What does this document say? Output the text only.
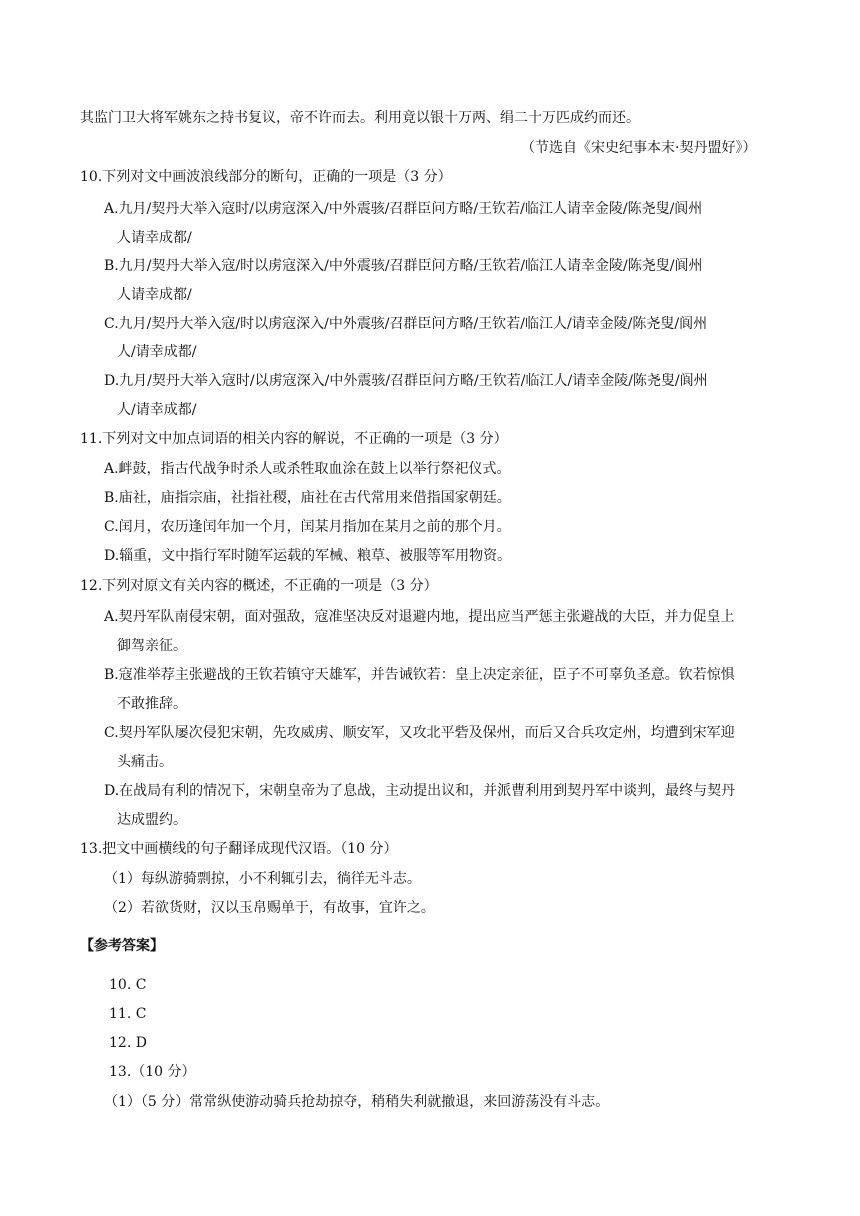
其监门卫大将军姚东之持书复议，帝不许而去。利用竟以银十万两、绢二十万匹成约而还。
（节选自《宋史纪事本末·契丹盟好》）
10.下列对文中画波浪线部分的断句，正确的一项是（3 分）
A.九月/契丹大举入寇时/以虏寇深入/中外震骇/召群臣问方略/王钦若/临江人请幸金陵/陈尧叟/阆州
人请幸成都/
B.九月/契丹大举入寇/时以虏寇深入/中外震骇/召群臣问方略/王钦若/临江人请幸金陵/陈尧叟/阆州
人请幸成都/
C.九月/契丹大举入寇/时以虏寇深入/中外震骇/召群臣问方略/王钦若/临江人/请幸金陵/陈尧叟/阆州
人/请幸成都/
D.九月/契丹大举入寇时/以虏寇深入/中外震骇/召群臣问方略/王钦若/临江人/请幸金陵/陈尧叟/阆州
人/请幸成都/
11.下列对文中加点词语的相关内容的解说，不正确的一项是（3 分）
A.衅鼓，指古代战争时杀人或杀牲取血涂在鼓上以举行祭祀仪式。
B.庙社，庙指宗庙，社指社稷，庙社在古代常用来借指国家朝廷。
C.闰月，农历逢闰年加一个月，闰某月指加在某月之前的那个月。
D.辎重，文中指行军时随军运载的军械、粮草、被服等军用物资。
12.下列对原文有关内容的概述，不正确的一项是（3 分）
A.契丹军队南侵宋朝，面对强敌，寇准坚决反对退避内地，提出应当严惩主张避战的大臣，并力促皇上
御驾亲征。
B.寇准举荐主张避战的王钦若镇守天雄军，并告诫钦若：皇上决定亲征，臣子不可辜负圣意。钦若惊惧
不敢推辞。
C.契丹军队屡次侵犯宋朝，先攻威虏、顺安军，又攻北平砦及保州，而后又合兵攻定州，均遭到宋军迎
头痛击。
D.在战局有利的情况下，宋朝皇帝为了息战，主动提出议和，并派曹利用到契丹军中谈判，最终与契丹
达成盟约。
13.把文中画横线的句子翻译成现代汉语。（10 分）
（1）每纵游骑剽掠，小不利辄引去，徜徉无斗志。
（2）若欲货财，汉以玉帛赐单于，有故事，宜许之。
【参考答案】
10. C
11. C
12. D
13.（10 分）
（1）（5 分）常常纵使游动骑兵抢劫掠夺，稍稍失利就撤退，来回游荡没有斗志。
